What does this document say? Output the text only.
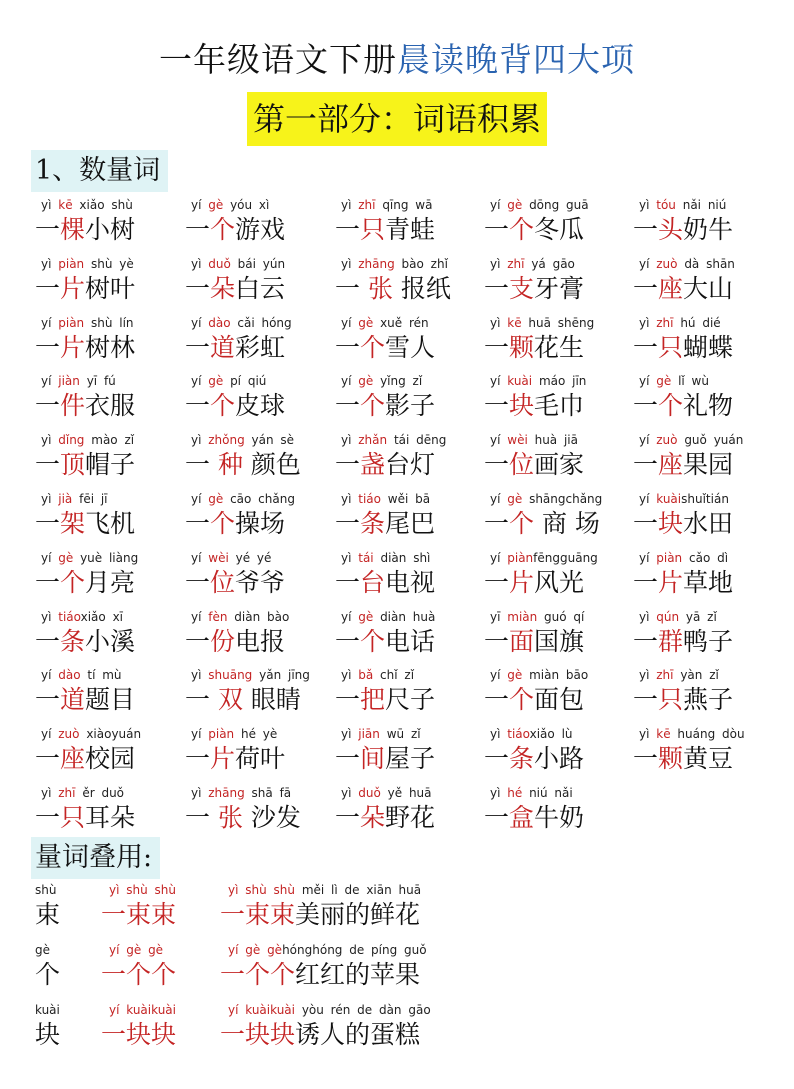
一年级语文下册晨读晚背四大项
第一部分：词语积累
1、数量词
yì kē xiǎo shù
一棵小树
yí gè yóu xì
一个游戏
yì zhī qīng wā
一只青蛙
yí gè dōng guā
一个冬瓜
yì tóu nǎi niú
一头奶牛
yì piàn shù yè
一片树叶
yì duǒ bái yún
一朵白云
yì zhāng bào zhǐ
一 张 报纸
yì zhī yá gāo
一支牙膏
yí zuò dà shān
一座大山
yí piàn shù lín
一片树林
yí dào cǎi hóng
一道彩虹
yí gè xuě rén
一个雪人
yì kē huā shēng
一颗花生
yì zhī hú dié
一只蝴蝶
yí jiàn yī fú
一件衣服
yí gè pí qiú
一个皮球
yí gè yǐng zǐ
一个影子
yí kuài máo jīn
一块毛巾
yí gè lǐ wù
一个礼物
yì dǐng mào zǐ
一顶帽子
yì zhǒng yán sè
一 种 颜色
yì zhǎn tái dēng
一盏台灯
yí wèi huà jiā
一位画家
yí zuò guǒ yuán
一座果园
yì jià fēi jī
一架飞机
yí gè cāo chǎng
一个操场
yì tiáo wěi bā
一条尾巴
yí gè shāngchǎng
一个 商 场
yí kuàishuǐtián
一块水田
yí gè yuè liàng
一个月亮
yí wèi yé yé
一位爷爷
yì tái diàn shì
一台电视
yí piànfēngguāng
一片风光
yí piàn cǎo dì
一片草地
yì tiáoxiǎo xī
一条小溪
yí fèn diàn bào
一份电报
yí gè diàn huà
一个电话
yī miàn guó qí
一面国旗
yì qún yā zǐ
一群鸭子
yí dào tí mù
一道题目
yì shuāng yǎn jīng
一 双 眼睛
yì bǎ chǐ zǐ
一把尺子
yí gè miàn bāo
一个面包
yì zhī yàn zǐ
一只燕子
yí zuò xiàoyuán
一座校园
yí piàn hé yè
一片荷叶
yì jiān wū zǐ
一间屋子
yì tiáoxiǎo lù
一条小路
yì kē huáng dòu
一颗黄豆
yì zhī ěr duǒ
一只耳朵
yì zhāng shā fā
一 张 沙发
yì duǒ yě huā
一朵野花
yì hé niú nǎi
一盒牛奶
量词叠用:
shù
束
yì shù shù
一束束
yì shù shù měi lì de xiān huā
一束束美丽的鲜花
gè
个
yí gè gè
一个个
yí gè gèhónghóng de píng guǒ
一个个红红的苹果
kuài
块
yí kuàikuài
一块块
yí kuàikuài yòu rén de dàn gāo
一块块诱人的蛋糕
